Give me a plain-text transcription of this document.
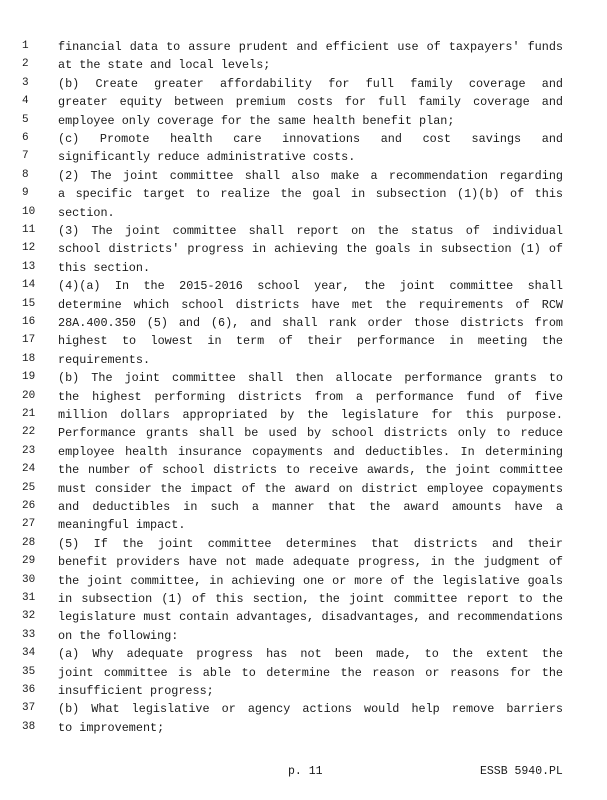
1	financial data to assure prudent and efficient use of taxpayers' funds
2	at the state and local levels;
3	(b) Create greater affordability for full family coverage and
4	greater equity between premium costs for full family coverage and
5	employee only coverage for the same health benefit plan;
6	(c) Promote health care innovations and cost savings and
7	significantly reduce administrative costs.
8	(2) The joint committee shall also make a recommendation regarding
9	a specific target to realize the goal in subsection (1)(b) of this
10	section.
11	(3) The joint committee shall report on the status of individual
12	school districts' progress in achieving the goals in subsection (1) of
13	this section.
14	(4)(a) In the 2015-2016 school year, the joint committee shall
15	determine which school districts have met the requirements of RCW
16	28A.400.350 (5) and (6), and shall rank order those districts from
17	highest to lowest in term of their performance in meeting the
18	requirements.
19	(b) The joint committee shall then allocate performance grants to
20	the highest performing districts from a performance fund of five
21	million dollars appropriated by the legislature for this purpose.
22	Performance grants shall be used by school districts only to reduce
23	employee health insurance copayments and deductibles. In determining
24	the number of school districts to receive awards, the joint committee
25	must consider the impact of the award on district employee copayments
26	and deductibles in such a manner that the award amounts have a
27	meaningful impact.
28	(5) If the joint committee determines that districts and their
29	benefit providers have not made adequate progress, in the judgment of
30	the joint committee, in achieving one or more of the legislative goals
31	in subsection (1) of this section, the joint committee report to the
32	legislature must contain advantages, disadvantages, and recommendations
33	on the following:
34	(a) Why adequate progress has not been made, to the extent the
35	joint committee is able to determine the reason or reasons for the
36	insufficient progress;
37	(b) What legislative or agency actions would help remove barriers
38	to improvement;
p. 11	ESSB 5940.PL
